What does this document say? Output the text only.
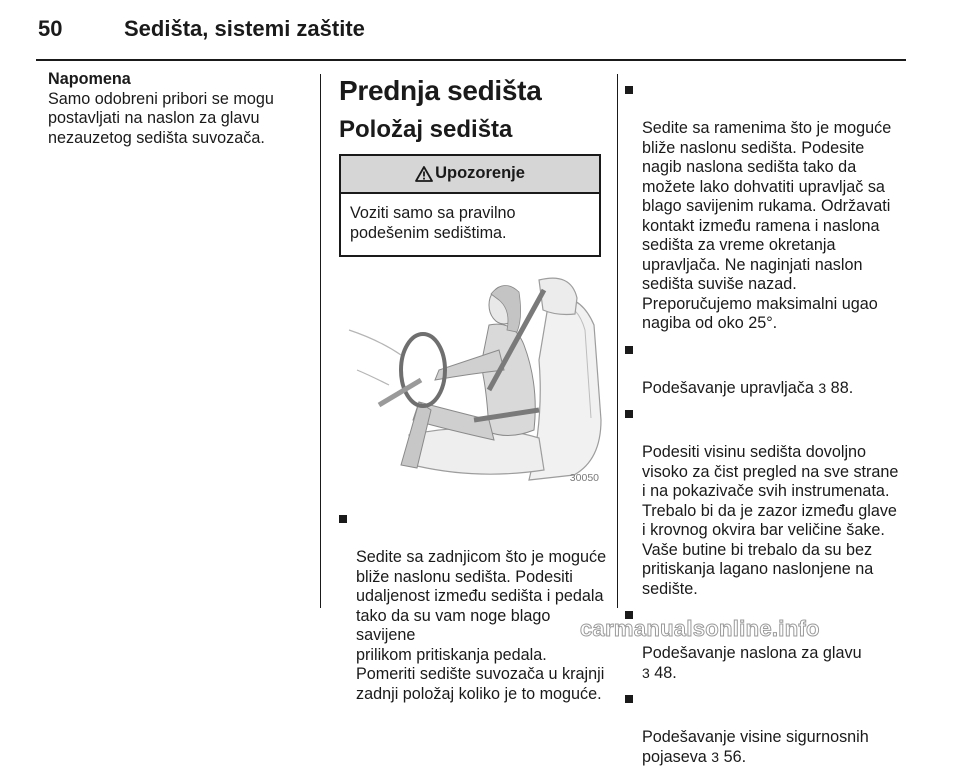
50	Sedišta, sistemi zaštite
Napomena
Samo odobreni pribori se mogu
postavljati na naslon za glavu
nezauzetog sedišta suvozača.
Prednja sedišta
Položaj sedišta
Upozorenje
Voziti samo sa pravilno
podešenim sedištima.
30050

Sedite sa zadnjicom što je moguće
bliže naslonu sedišta. Podesiti
udaljenost između sedišta i pedala
tako da su vam noge blago savijene
prilikom pritiskanja pedala.
Pomeriti sedište suvozača u krajnji
zadnji položaj koliko je to moguće.

Sedite sa ramenima što je moguće
bliže naslonu sedišta. Podesite
nagib naslona sedišta tako da
možete lako dohvatiti upravljač sa
blago savijenim rukama. Održavati
kontakt između ramena i naslona
sedišta za vreme okretanja
upravljača. Ne naginjati naslon
sedišta suviše nazad.
Preporučujemo maksimalni ugao
nagiba od oko 25°.

Podešavanje upravljača 3 88.

Podesiti visinu sedišta dovoljno
visoko za čist pregled na sve strane
i na pokazivače svih instrumenata.
Trebalo bi da je zazor između glave
i krovnog okvira bar veličine šake.
Vaše butine bi trebalo da su bez
pritiskanja lagano naslonjene na
sedište.

Podešavanje naslona za glavu
3 48.

Podešavanje visine sigurnosnih
pojaseva 3 56.

carmanualsonline.info
